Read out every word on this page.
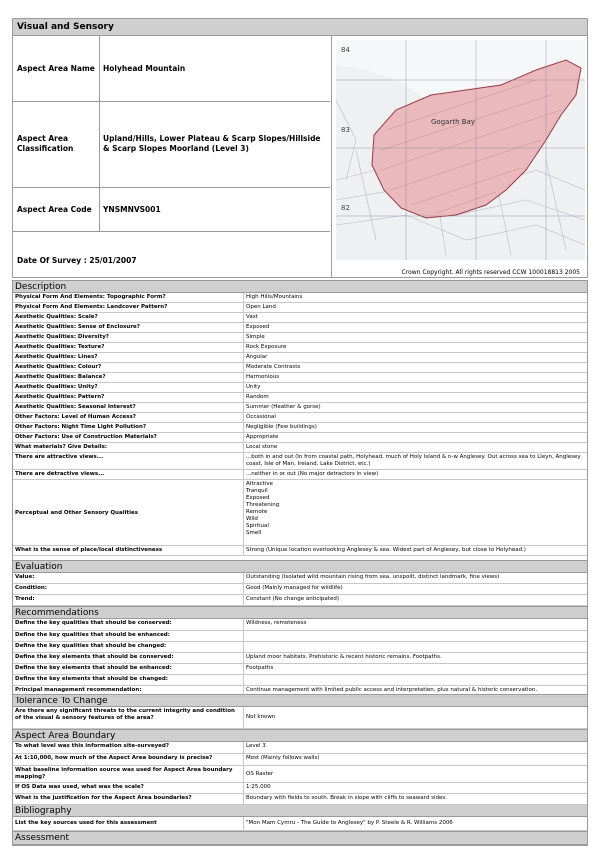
Visual and Sensory
Aspect Area Name Holyhead Mountain
Aspect Area Classification
Upland/Hills, Lower Plateau & Scarp Slopes/Hillside & Scarp Slopes Moorland (Level 3)
Aspect Area Code YNSMNVS001
Date Of Survey : 25/01/2007
84
83
82
Gogarth Bay
Crown Copyright. All rights reserved CCW 100018813 2005
Description
Evaluation
Recommendations
Tolerance To Change
Are there any significant threats to the current integrity and condition of the visual & sensory features of the area?	Not known
Aspect Area Boundary
Bibliography
List the key sources used for this assessment	"Mon Mam Cymru - The Guide to Anglesey" by P. Steele & R. Williams 2006
Assessment
Physical Form And Elements: Topographic Form?	High Hills/Mountains
Physical Form And Elements: Landcover Pattern?	Open Land
Aesthetic Qualities: Scale?	Vast
Aesthetic Qualities: Sense of Enclosure?	Exposed
Aesthetic Qualities: Diversity?	Simple
Aesthetic Qualities: Texture?	Rock Exposure
Aesthetic Qualities: Lines?	Angular
Aesthetic Qualities: Colour?	Moderate Contrasts
Aesthetic Qualities: Balance?	Harmonious
Aesthetic Qualities: Unity?	Unity
Aesthetic Qualities: Pattern?	Random
Aesthetic Qualities: Seasonal Interest?	Summer (Heather & gorse)
Other Factors: Level of Human Access?	Occasional
Other Factors: Night Time Light Pollution?	Negligible (Few buildings)
Other Factors: Use of Construction Materials?	Appropriate
What materials? Give Details:	Local stone
There are attractive views...	...both in and out (In from coastal path, Holyhead, much of Holy Island & n-w Anglesey. Out across sea to Lleyn, Anglesey coast, Isle of Man, Ireland, Lake District, etc.)
There are detractive views...	...neither in or out (No major detractors in view)
Perceptual and Other Sensory Qualities
Attractive
Tranquil
Exposed
Threatening
Remote
Wild
Spiritual
Smell
What is the sense of place/local distinctiveness	Strong (Unique location overlooking Anglesey & sea. Widest part of Anglesey, but close to Holyhead.)
Value:	Outstanding (Isolated wild mountain rising from sea, unspoilt, distinct landmark, fine views)
Condition:	Good (Mainly managed for wildlife)
Trend:	Constant (No change anticipated)
Define the key qualities that should be conserved:	Wildness, remoteness
Define the key qualities that should be enhanced:
Define the key qualities that should be changed:
Define the key elements that should be conserved:	Upland moor habitats. Prehistoric & recent historic remains. Footpaths.
Define the key elements that should be enhanced:	Footpaths
Define the key elements that should be changed:
Principal management recommendation:	Continue management with limited public access and interpretation, plus natural & historic conservation.
To what level was this information site-surveyed?	Level 3
At 1:10,000, how much of the Aspect Area boundary is precise?	Most (Mainly follows walls)
What baseline information source was used for Aspect Area boundary mapping?	OS Raster
If OS Data was used, what was the scale?	1:25,000
What is the justification for the Aspect Area boundaries?	Boundary with fields to south. Break in slope with cliffs to seaward sides.
